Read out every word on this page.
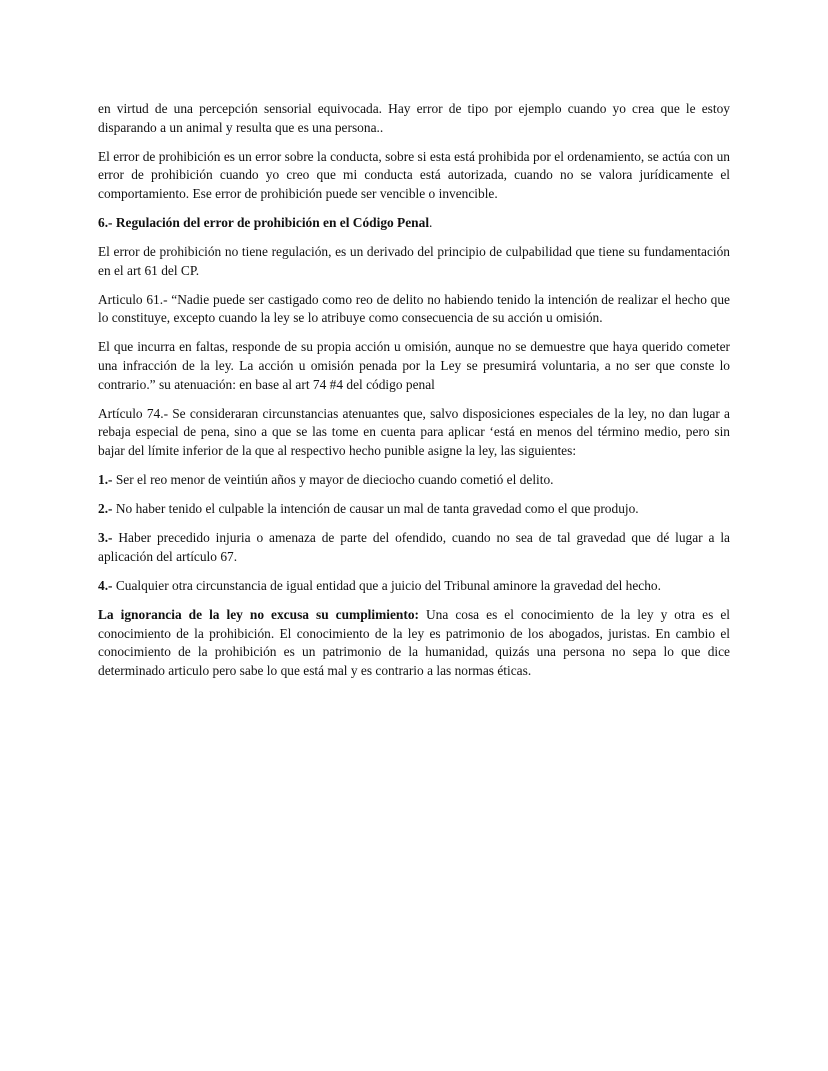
en virtud de una percepción sensorial equivocada. Hay error de tipo por ejemplo cuando yo crea que le estoy disparando a un animal y resulta que es una persona..

El error de prohibición es un error sobre la conducta, sobre si esta está prohibida por el ordenamiento, se actúa con un error de prohibición cuando yo creo que mi conducta está autorizada, cuando no se valora jurídicamente el comportamiento. Ese error de prohibición puede ser vencible o invencible.

6.- Regulación del error de prohibición en el Código Penal.

El error de prohibición no tiene regulación, es un derivado del principio de culpabilidad que tiene su fundamentación en el art 61 del CP.

Articulo 61.- “Nadie puede ser castigado como reo de delito no habiendo tenido la intención de realizar el hecho que lo constituye, excepto cuando la ley se lo atribuye como consecuencia de su acción u omisión.

El que incurra en faltas, responde de su propia acción u omisión, aunque no se demuestre que haya querido cometer una infracción de la ley. La acción u omisión penada por la Ley se presumirá voluntaria, a no ser que conste lo contrario.” su atenuación: en base al art 74 #4 del código penal

Artículo 74.- Se consideraran circunstancias atenuantes que, salvo disposiciones especiales de la ley, no dan lugar a rebaja especial de pena, sino a que se las tome en cuenta para aplicar ‘está en menos del término medio, pero sin bajar del límite inferior de la que al respectivo hecho punible asigne la ley, las siguientes:

1.- Ser el reo menor de veintiún años y mayor de dieciocho cuando cometió el delito.

2.- No haber tenido el culpable la intención de causar un mal de tanta gravedad como el que produjo.

3.- Haber precedido injuria o amenaza de parte del ofendido, cuando no sea de tal gravedad que dé lugar a la aplicación del artículo 67.

4.- Cualquier otra circunstancia de igual entidad que a juicio del Tribunal aminore la gravedad del hecho.

La ignorancia de la ley no excusa su cumplimiento: Una cosa es el conocimiento de la ley y otra es el conocimiento de la prohibición. El conocimiento de la ley es patrimonio de los abogados, juristas. En cambio el conocimiento de la prohibición es un patrimonio de la humanidad, quizás una persona no sepa lo que dice determinado articulo pero sabe lo que está mal y es contrario a las normas éticas.
